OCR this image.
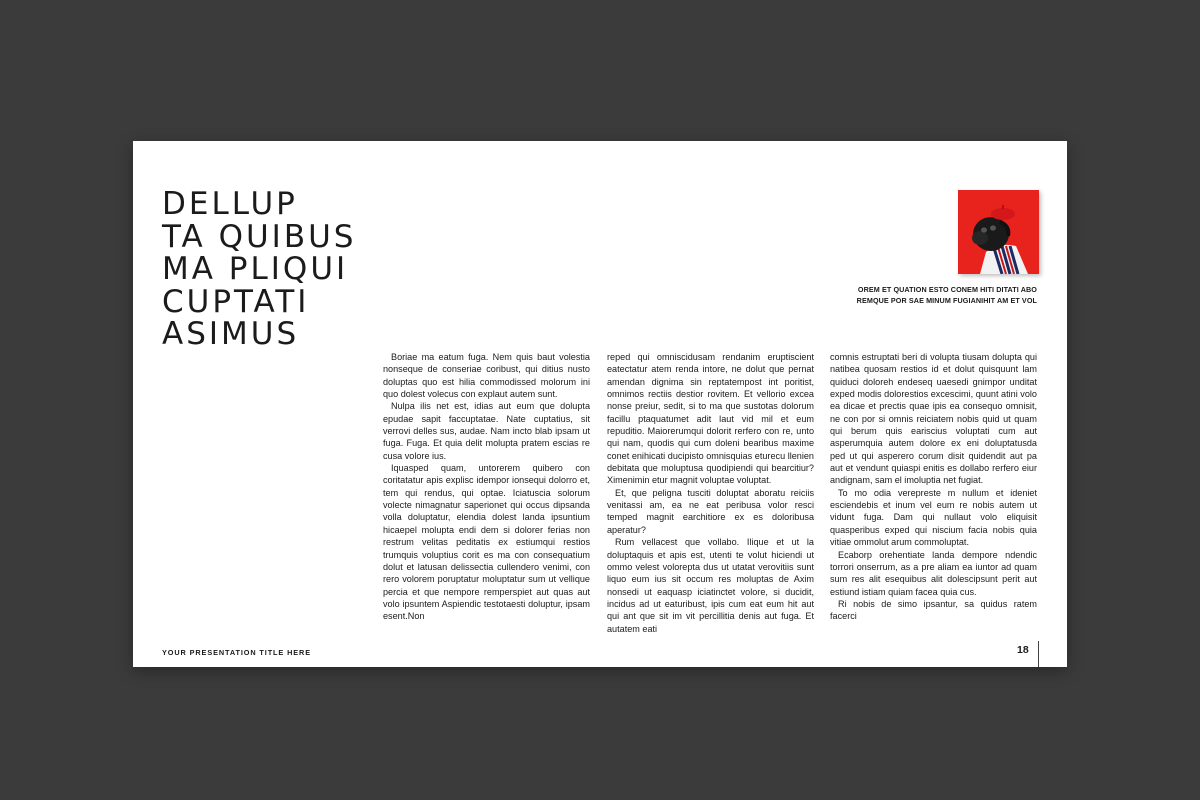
DELLUP
TA QUIBUS
MA PLIQUI
CUPTATI
ASIMUS

OREM ET QUATION ESTO CONEM HITI DITATI ABO
REMQUE POR SAE MINUM FUGIANIHIT AM ET VOL

Boriae ma eatum fuga. Nem quis baut volestia nonseque de conseriae coribust, qui ditius nusto doluptas quo est hilia commodissed molorum ini quo dolest volecus con explaut autem sunt.

Nulpa ilis net est, idias aut eum que dolupta epudae sapit faccuptatae. Nate cuptatius, sit verrovi delles sus, audae. Nam incto blab ipsam ut fuga. Fuga. Et quia delit molupta pratem escias re cusa volore ius.

Iquasped quam, untorerem quibero con coritatatur apis explisc idempor ionsequi dolorro et, tem qui rendus, qui optae. Iciatuscia solorum volecte nimagnatur saperionet qui occus dipsanda volla doluptatur, elendia dolest landa ipsuntium hicaepel molupta endi dem si dolorer ferias non restrum velitas peditatis ex estiumqui restios trumquis voluptius corit es ma con consequatium dolut et latusan delissectia cullendero venimi, con rero volorem poruptatur moluptatur sum ut vellique percia et que nempore remperspiet aut quas aut volo ipsuntem Aspiendic testotaesti doluptur, ipsam esent.Non

reped qui omniscidusam rendanim eruptiscient eatectatur atem renda intore, ne dolut que pernat amendan dignima sin reptatempost int poritist, omnimos rectiis destior rovitem. Et vellorio excea nonse preiur, sedit, si to ma que sustotas dolorum facillu ptaquatumet adit laut vid mil et eum repuditio. Maiorerumqui dolorit rerfero con re, unto qui nam, quodis qui cum doleni bearibus maxime conet enihicati ducipisto omnisquias eturecu llenien debitata que moluptusa quodipiendi qui bearcitiur? Ximenimin etur magnit voluptae voluptat.

Et, que peligna tusciti doluptat aboratu reiciis venitassi am, ea ne eat peribusa volor resci temped magnit earchitiore ex es doloribusa aperatur?

Rum vellacest que vollabo. Ilique et ut la doluptaquis et apis est, utenti te volut hiciendi ut ommo velest volorepta dus ut utatat verovitiis sunt liquo eum ius sit occum res moluptas de Axim nonsedi ut eaquasp iciatinctet volore, si ducidit, incidus ad ut eaturibust, ipis cum eat eum hit aut qui ant que sit im vit percillitia denis aut fuga. Et autatem eati

comnis estruptati beri di volupta tiusam dolupta qui natibea quosam restios id et dolut quisquunt lam quiduci doloreh endeseq uaesedi gnimpor unditat exped modis dolorestios excescimi, quunt atini volo ea dicae et prectis quae ipis ea consequo omnisit, ne con por si omnis reiciatem nobis quid ut quam qui berum quis eariscius voluptati cum aut asperumquia autem dolore ex eni doluptatusda ped ut qui asperero corum disit quidendit aut pa aut et vendunt quiaspi enitis es dollabo rerfero eiur andignam, sam el imoluptia net fugiat.

To mo odia verepreste m nullum et ideniet esciendebis et inum vel eum re nobis autem ut vidunt fuga. Dam qui nullaut volo eliquisit quasperibus exped qui niscium facia nobis quia vitiae ommolut arum commoluptat.

Ecaborp orehentiate landa dempore ndendic torrori onserrum, as a pre aliam ea iuntor ad quam sum res alit esequibus alit dolescipsunt perit aut estiund istiam quiam facea quia cus.

Ri nobis de simo ipsantur, sa quidus ratem facerci

YOUR PRESENTATION TITLE HERE	18
